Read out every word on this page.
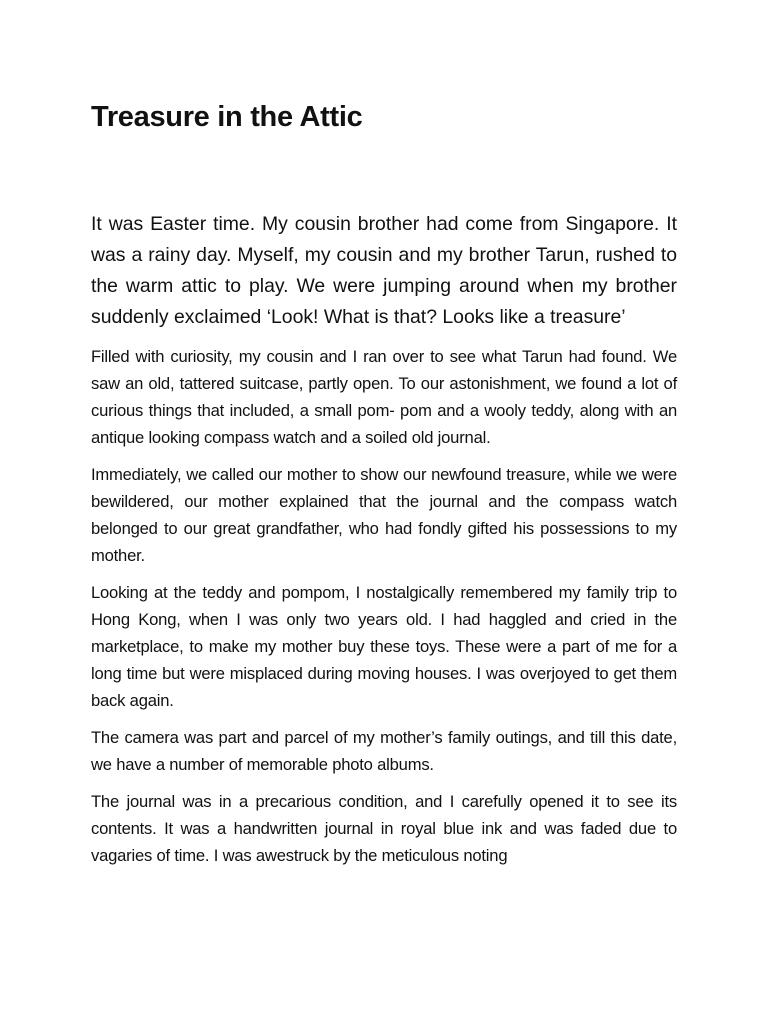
Treasure in the Attic

It was Easter time. My cousin brother had come from Singapore. It was a rainy day. Myself, my cousin and my brother Tarun, rushed to the warm attic to play. We were jumping around when my brother suddenly exclaimed ‘Look! What is that? Looks like a treasure’

Filled with curiosity, my cousin and I ran over to see what Tarun had found. We saw an old, tattered suitcase, partly open. To our astonishment, we found a lot of curious things that included, a small pom- pom and a wooly teddy, along with an antique looking compass watch and a soiled old journal.

Immediately, we called our mother to show our newfound treasure, while we were bewildered, our mother explained that the journal and the compass watch belonged to our great grandfather, who had fondly gifted his possessions to my mother.

Looking at the teddy and pompom, I nostalgically remembered my family trip to Hong Kong, when I was only two years old. I had haggled and cried in the marketplace, to make my mother buy these toys. These were a part of me for a long time but were misplaced during moving houses. I was overjoyed to get them back again.

The camera was part and parcel of my mother’s family outings, and till this date, we have a number of memorable photo albums.

The journal was in a precarious condition, and I carefully opened it to see its contents. It was a handwritten journal in royal blue ink and was faded due to vagaries of time. I was awestruck by the meticulous noting
